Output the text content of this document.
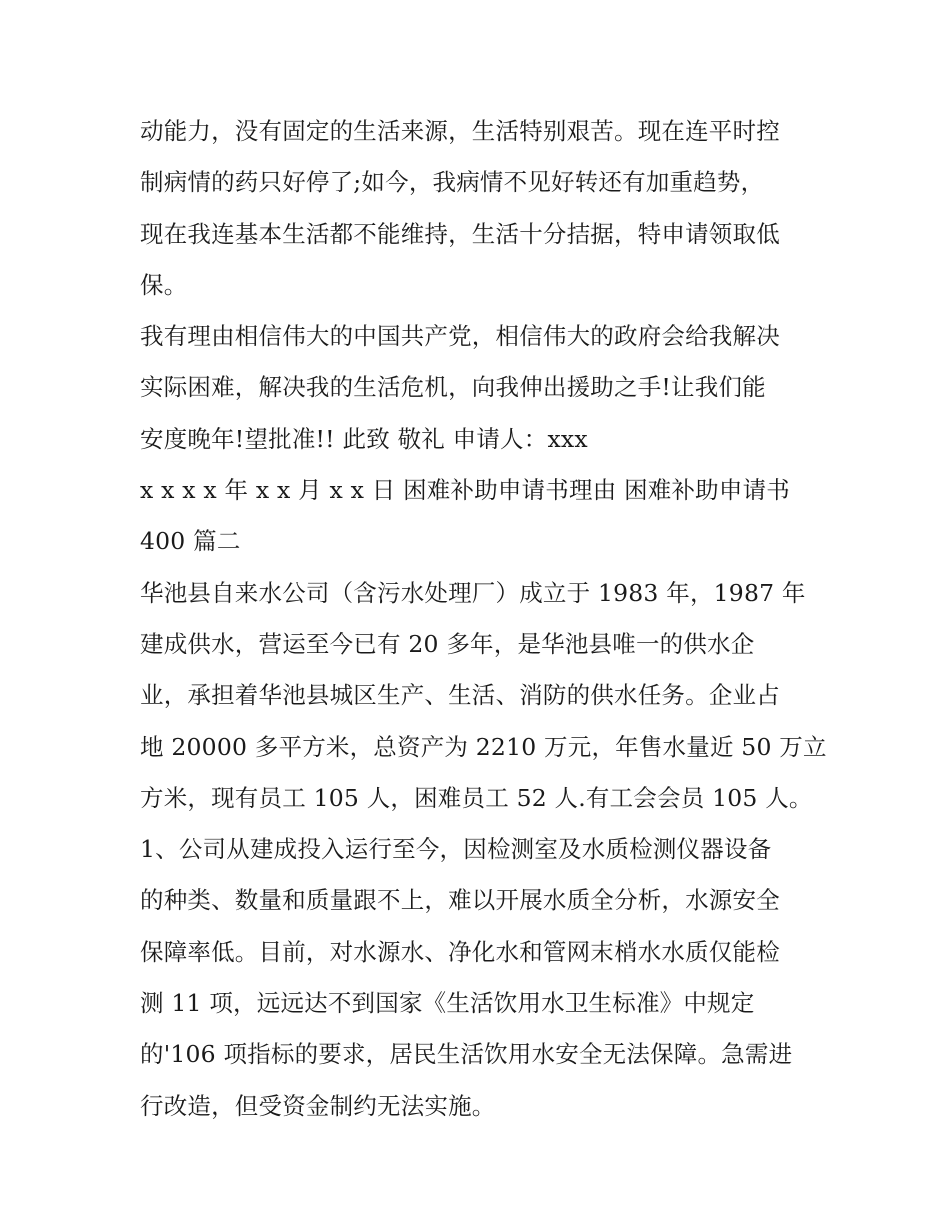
动能力，没有固定的生活来源，生活特别艰苦。现在连平时控
制病情的药只好停了;如今，我病情不见好转还有加重趋势，
现在我连基本生活都不能维持，生活十分拮据，特申请领取低
保。
我有理由相信伟大的中国共产党，相信伟大的政府会给我解决
实际困难，解决我的生活危机，向我伸出援助之手!让我们能
安度晚年!望批准!! 此致 敬礼 申请人：xxx
x x x x 年 x x 月 x x 日 困难补助申请书理由 困难补助申请书
400 篇二
华池县自来水公司（含污水处理厂）成立于 1983 年，1987 年
建成供水，营运至今已有 20 多年，是华池县唯一的供水企
业，承担着华池县城区生产、生活、消防的供水任务。企业占
地 20000 多平方米，总资产为 2210 万元，年售水量近 50 万立
方米，现有员工 105 人，困难员工 52 人.有工会会员 105 人。
1、公司从建成投入运行至今，因检测室及水质检测仪器设备
的种类、数量和质量跟不上，难以开展水质全分析，水源安全
保障率低。目前，对水源水、净化水和管网末梢水水质仅能检
测 11 项，远远达不到国家《生活饮用水卫生标准》中规定
的'106 项指标的要求，居民生活饮用水安全无法保障。急需进
行改造，但受资金制约无法实施。
